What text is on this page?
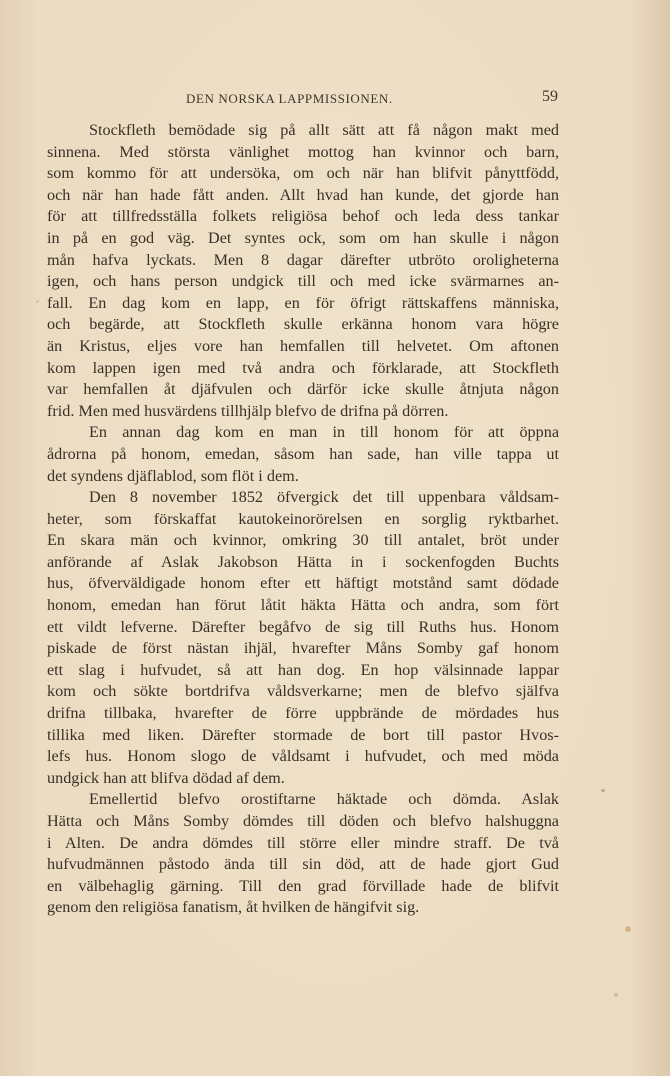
DEN NORSKA LAPPMISSIONEN.	59
Stockfleth bemödade sig på allt sätt att få någon makt med
sinnena. Med största vänlighet mottog han kvinnor och barn,
som kommo för att undersöka, om och när han blifvit pånyttfödd,
och när han hade fått anden. Allt hvad han kunde, det gjorde han
för att tillfredsställa folkets religiösa behof och leda dess tankar
in på en god väg. Det syntes ock, som om han skulle i någon
mån hafva lyckats. Men 8 dagar därefter utbröto oroligheterna
igen, och hans person undgick till och med icke svärmarnes an-
fall. En dag kom en lapp, en för öfrigt rättskaffens människa,
och begärde, att Stockfleth skulle erkänna honom vara högre
än Kristus, eljes vore han hemfallen till helvetet. Om aftonen
kom lappen igen med två andra och förklarade, att Stockfleth
var hemfallen åt djäfvulen och därför icke skulle åtnjuta någon
frid. Men med husvärdens tillhjälp blefvo de drifna på dörren.
En annan dag kom en man in till honom för att öppna
ådrorna på honom, emedan, såsom han sade, han ville tappa ut
det syndens djäflablod, som flöt i dem.
Den 8 november 1852 öfvergick det till uppenbara våldsam-
heter, som förskaffat kautokeinorörelsen en sorglig ryktbarhet.
En skara män och kvinnor, omkring 30 till antalet, bröt under
anförande af Aslak Jakobson Hätta in i sockenfogden Buchts
hus, öfverväldigade honom efter ett häftigt motstånd samt dödade
honom, emedan han förut låtit häkta Hätta och andra, som fört
ett vildt lefverne. Därefter begåfvo de sig till Ruths hus. Honom
piskade de först nästan ihjäl, hvarefter Måns Somby gaf honom
ett slag i hufvudet, så att han dog. En hop välsinnade lappar
kom och sökte bortdrifva våldsverkarne; men de blefvo själfva
drifna tillbaka, hvarefter de förre uppbrände de mördades hus
tillika med liken. Därefter stormade de bort till pastor Hvos-
lefs hus. Honom slogo de våldsamt i hufvudet, och med möda
undgick han att blifva dödad af dem.
Emellertid blefvo orostiftarne häktade och dömda. Aslak
Hätta och Måns Somby dömdes till döden och blefvo halshuggna
i Alten. De andra dömdes till större eller mindre straff. De två
hufvudmännen påstodo ända till sin död, att de hade gjort Gud
en välbehaglig gärning. Till den grad förvillade hade de blifvit
genom den religiösa fanatism, åt hvilken de hängifvit sig.
